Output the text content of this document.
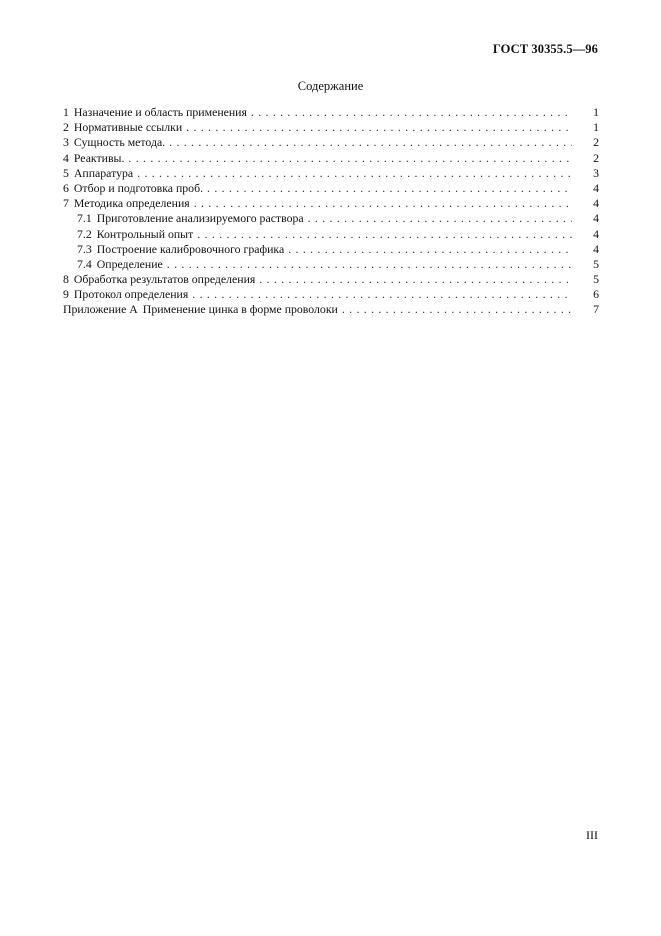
ГОСТ 30355.5—96
Содержание
1 Назначение и область применения . . .	1
2 Нормативные ссылки . . .	1
3 Сущность метода. . . .	2
4 Реактивы. . . .	2
5 Аппаратура . . .	3
6 Отбор и подготовка проб. . . .	4
7 Методика определения . . .	4
7.1 Приготовление анализируемого раствора . . .	4
7.2 Контрольный опыт . . .	4
7.3 Построение калибровочного графика . . .	4
7.4 Определение . . .	5
8 Обработка результатов определения . . .	5
9 Протокол определения . . .	6
Приложение А Применение цинка в форме проволоки . . .	7
III
